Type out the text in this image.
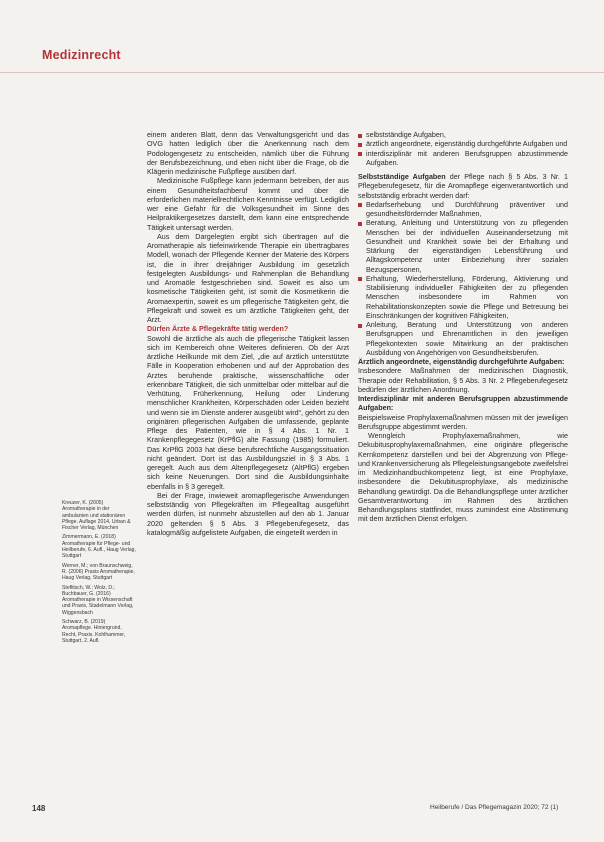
Medizinrecht

einem anderen Blatt, denn das Verwaltungsgericht und das OVG hatten lediglich über die Anerkennung nach dem Podologengesetz zu entscheiden, nämlich über die Führung der Berufsbezeichnung, und eben nicht über die Frage, ob die Klägerin medizinische Fußpflege ausüben darf.

Medizinische Fußpflege kann jedermann betreiben, der aus einem Gesundheitsfachberuf kommt und über die erforderlichen materiellrechtlichen Kenntnisse verfügt. Lediglich wer eine Gefahr für die Volksgesundheit im Sinne des Heilpraktikergesetzes darstellt, dem kann eine entsprechende Tätigkeit untersagt werden.

Aus dem Dargelegten ergibt sich übertragen auf die Aromatherapie als tiefeinwirkende Therapie ein übertragbares Modell, wonach der Pflegende Kenner der Materie des Körpers ist, die in ihrer dreijähriger Ausbildung im gesetzlich festgelegten Ausbildungs- und Rahmenplan die Behandlung und Aromaöle festgeschrieben sind. Soweit es also um kosmetische Tätigkeiten geht, ist somit die Kosmetikerin die Aromaexpertin, soweit es um pflegerische Tätigkeiten geht, die Pflegekraft und soweit es um ärztliche Tätigkeiten geht, der Arzt.

Dürfen Ärzte & Pflegekräfte tätig werden?

Sowohl die ärztliche als auch die pflegerische Tätigkeit lassen sich im Kernbereich ohne Weiteres definieren. Ob der Arzt ärztliche Heilkunde mit dem Ziel, „die auf ärztlich unterstützte Fälle in Kooperation erhobenen und auf der Approbation des Arztes beruhende praktische, wissenschaftliche oder erkennbare Tätigkeit, die sich unmittelbar oder mittelbar auf die Verhütung, Früherkennung, Heilung oder Linderung menschlicher Krankheiten, Körperschäden oder Leiden bezieht und wenn sie im Dienste anderer ausgeübt wird“, gehört zu den originären pflegerischen Aufgaben die umfassende, geplante Pflege des Patienten, wie in § 4 Abs. 1 Nr. 1 Krankenpflegegesetz (KrPflG) alte Fassung (1985) formuliert. Das KrPflG 2003 hat diese berufsrechtliche Ausgangssituation nicht geändert. Dort ist das Ausbildungsziel in § 3 Abs. 1 geregelt. Auch aus dem Altenpflegegesetz (AltPflG) ergeben sich keine Neuerungen. Dort sind die Ausbildungsinhalte ebenfalls in § 3 geregelt.

Bei der Frage, inwieweit aromapflegerische Anwendungen selbstständig von Pflegekräften im Pflegealltag ausgeführt werden dürfen, ist nunmehr abzustellen auf den ab 1. Januar 2020 geltenden § 5 Abs. 3 Pflegeberufegesetz, das katalogmäßig aufgelistete Aufgaben, die eingeteilt werden in

Kreuzer, K. (2005) Aromatherapie in der ambulanten und stationären Pflege. Auflage 2014, Urban & Fischer Verlag, München

Zimmermann, E. (2018) Aromatherapie für Pflege- und Heilberufe, 6. Aufl., Haug Verlag, Stuttgart

Werner, M.; von Braunschweig, R. (2006) Praxis Aromatherapie, Haug Verlag, Stuttgart

Steflitsch, W.; Wolz, D.; Buchbauer, G. (2016) Aromatherapie in Wissenschaft und Praxis, Stadelmann Verlag, Wiggensbach

Schwarz, B. (2019) Aromapflege. Hintergrund, Recht, Praxis. Kohlhammer, Stuttgart, 2. Aufl.

selbstständige Aufgaben,

ärztlich angeordnete, eigenständig durchgeführte Aufgaben und

interdisziplinär mit anderen Berufsgruppen abzustimmende Aufgaben.

Selbstständige Aufgaben der Pflege nach § 5 Abs. 3 Nr. 1 Pflegeberufegesetz, für die Aromapflege eigenverantwortlich und selbstständig erbracht werden darf:

Bedarfserhebung und Durchführung präventiver und gesundheitsfördernder Maßnahmen,

Beratung, Anleitung und Unterstützung von zu pflegenden Menschen bei der individuellen Auseinandersetzung mit Gesundheit und Krankheit sowie bei der Erhaltung und Stärkung der eigenständigen Lebensführung und Alltagskompetenz unter Einbeziehung ihrer sozialen Bezugspersonen,

Erhaltung, Wiederherstellung, Förderung, Aktivierung und Stabilisierung individueller Fähigkeiten der zu pflegenden Menschen insbesondere im Rahmen von Rehabilitationskonzepten sowie die Pflege und Betreuung bei Einschränkungen der kognitiven Fähigkeiten,

Anleitung, Beratung und Unterstützung von anderen Berufsgruppen und Ehrenamtlichen in den jeweiligen Pflegekontexten sowie Mitwirkung an der praktischen Ausbildung von Angehörigen von Gesundheitsberufen.

Ärztlich angeordnete, eigenständig durchgeführte Aufgaben:

Insbesondere Maßnahmen der medizinischen Diagnostik, Therapie oder Rehabilitation, § 5 Abs. 3 Nr. 2 Pflegeberufegesetz bedürfen der ärztlichen Anordnung.

Interdisziplinär mit anderen Berufsgruppen abzustimmende Aufgaben:

Beispielsweise Prophylaxemaßnahmen müssen mit der jeweiligen Berufsgruppe abgestimmt werden.

Wenngleich Prophylaxemaßnahmen, wie Dekubitusprophylaxemaßnahmen, eine originäre pflegerische Kernkompetenz darstellen und bei der Abgrenzung von Pflege- und Krankenversicherung als Pflegeleistungsangebote zweifelsfrei im Medizinhandbuchkompetenz liegt, ist eine Prophylaxe, insbesondere die Dekubitusprophylaxe, als medizinische Behandlung gewürdigt. Da die Behandlungspflege unter ärztlicher Gesamtverantwortung im Rahmen des ärztlichen Behandlungsplans stattfindet, muss zumindest eine Abstimmung mit dem ärztlichen Dienst erfolgen.

148	Heilberufe / Das Pflegemagazin 2020; 72 (1)
